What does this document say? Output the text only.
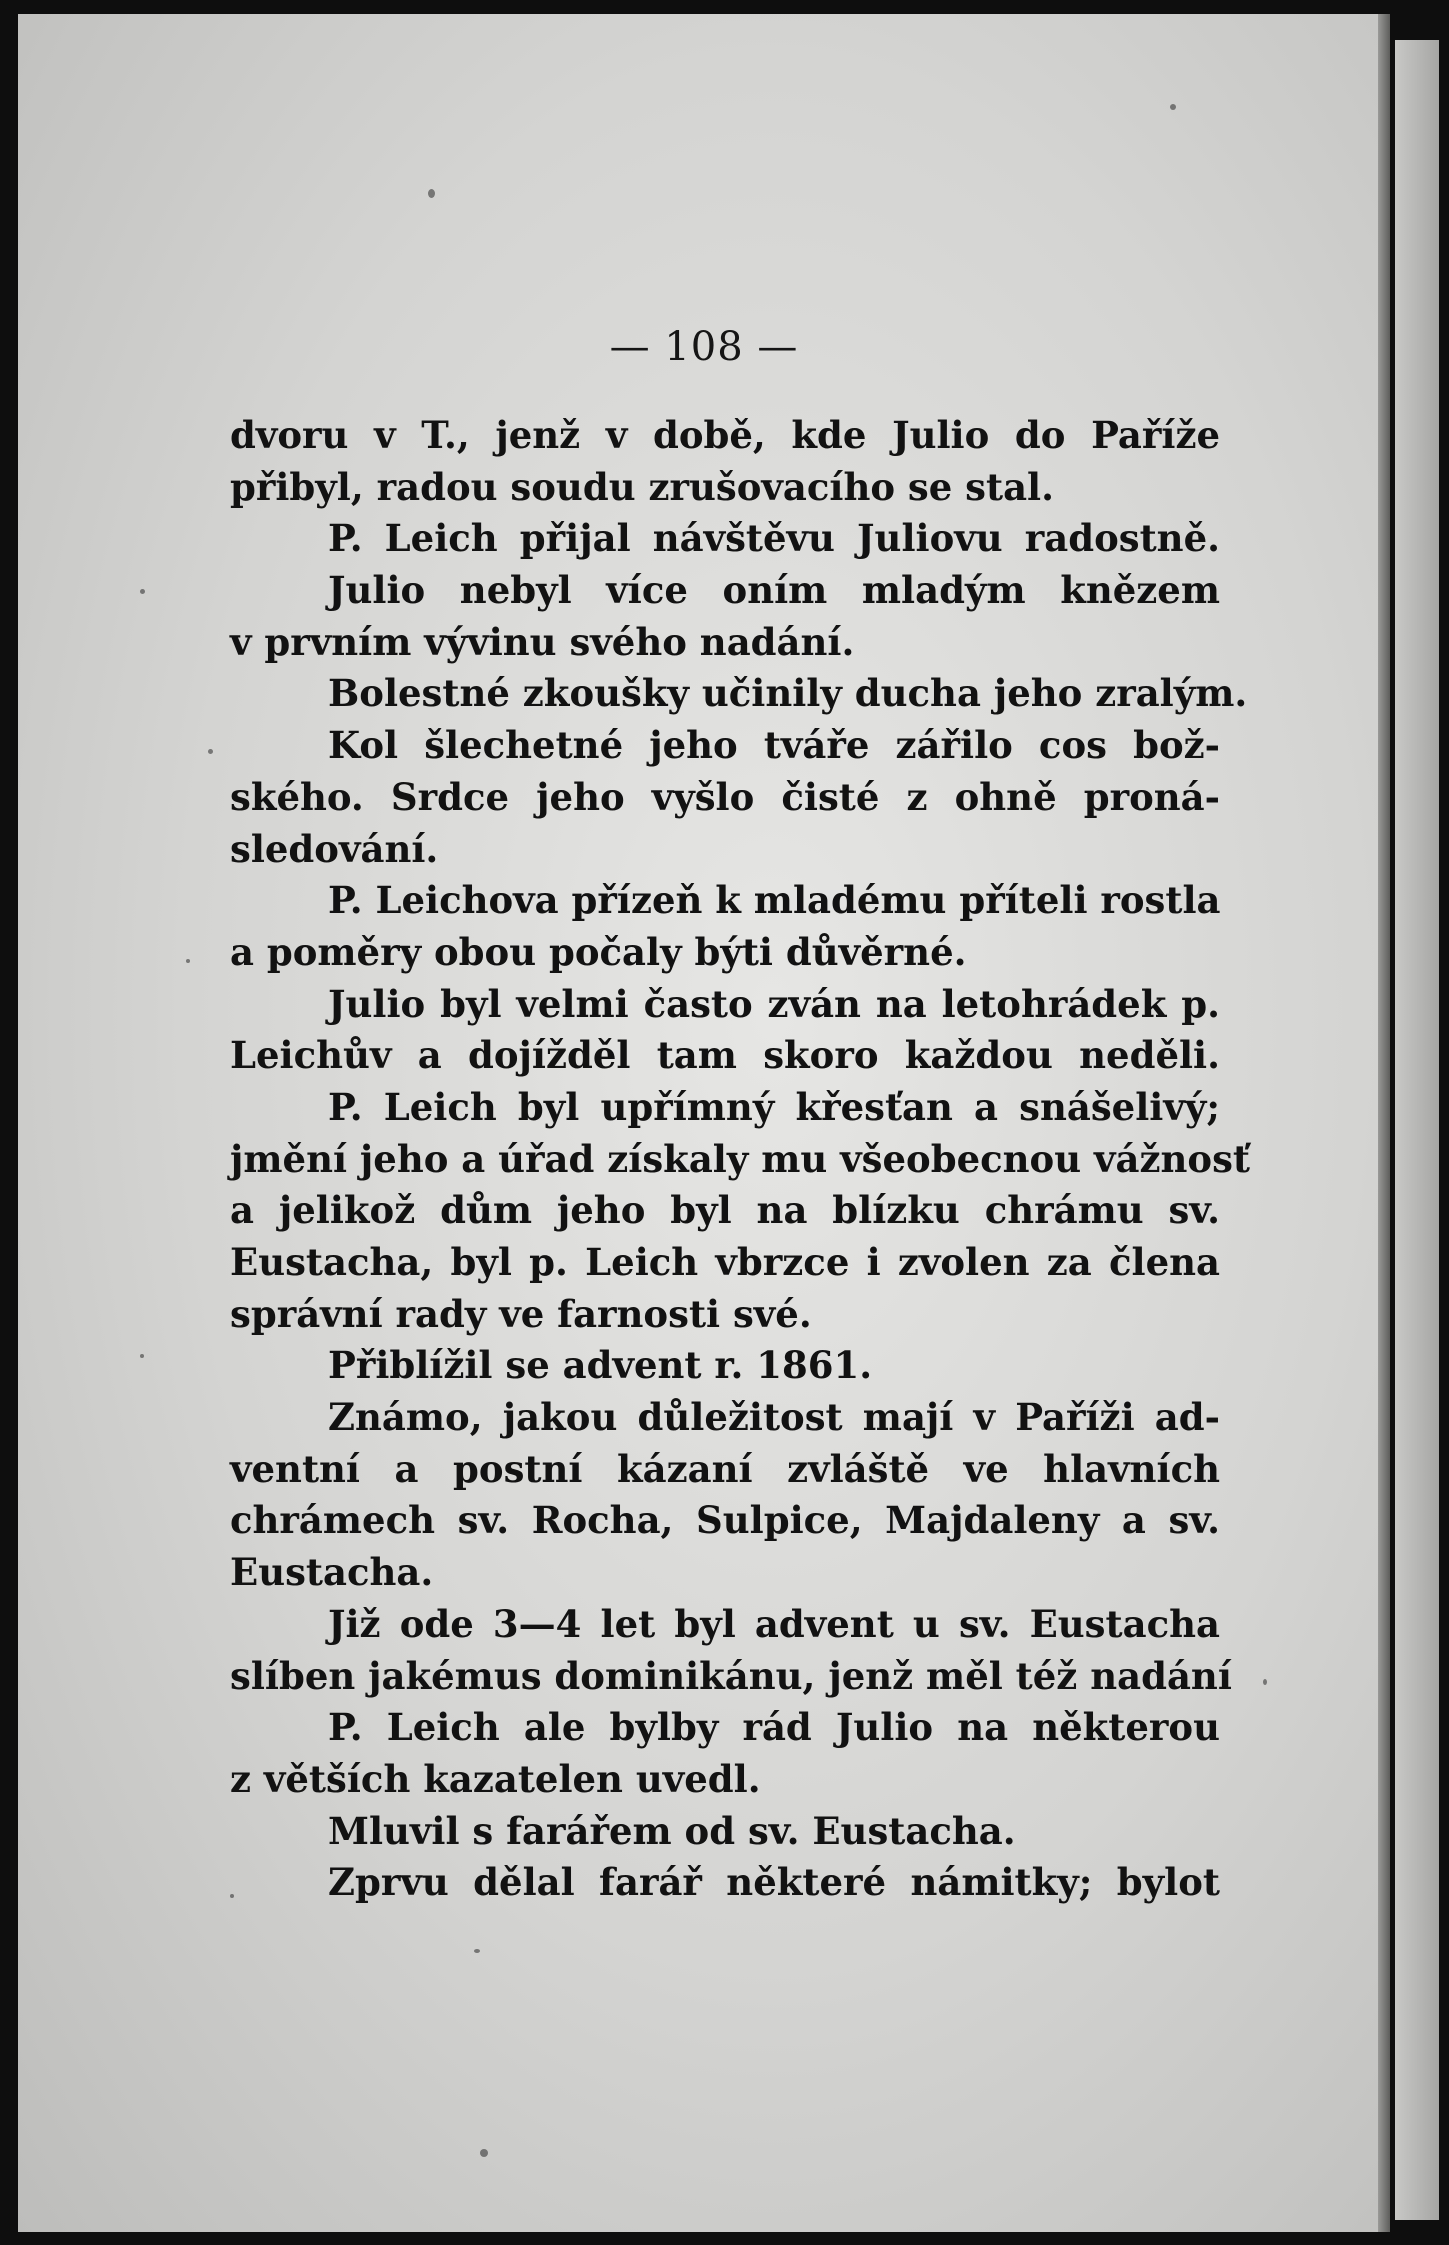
— 108 —
dvoru v T., jenž v době, kde Julio do Paříže
přibyl, radou soudu zrušovacího se stal.
P. Leich přijal návštěvu Juliovu radostně.
Julio nebyl více oním mladým knězem
v prvním vývinu svého nadání.
Bolestné zkoušky učinily ducha jeho zralým.
Kol šlechetné jeho tváře zářilo cos bož-
ského. Srdce jeho vyšlo čisté z ohně proná-
sledování.
P. Leichova přízeň k mladému příteli rostla
a poměry obou počaly býti důvěrné.
Julio byl velmi často zván na letohrádek p.
Leichův a dojížděl tam skoro každou neděli.
P. Leich byl upřímný křesťan a snášelivý;
jmění jeho a úřad získaly mu všeobecnou vážnosť
a jelikož dům jeho byl na blízku chrámu sv.
Eustacha, byl p. Leich vbrzce i zvolen za člena
správní rady ve farnosti své.
Přiblížil se advent r. 1861.
Známo, jakou důležitost mají v Paříži ad-
ventní a postní kázaní zvláště ve hlavních
chrámech sv. Rocha, Sulpice, Majdaleny a sv.
Eustacha.
Již ode 3—4 let byl advent u sv. Eustacha
slíben jakémus dominikánu, jenž měl též nadání
P. Leich ale bylby rád Julio na některou
z větších kazatelen uvedl.
Mluvil s farářem od sv. Eustacha.
Zprvu dělal farář některé námitky; bylot
